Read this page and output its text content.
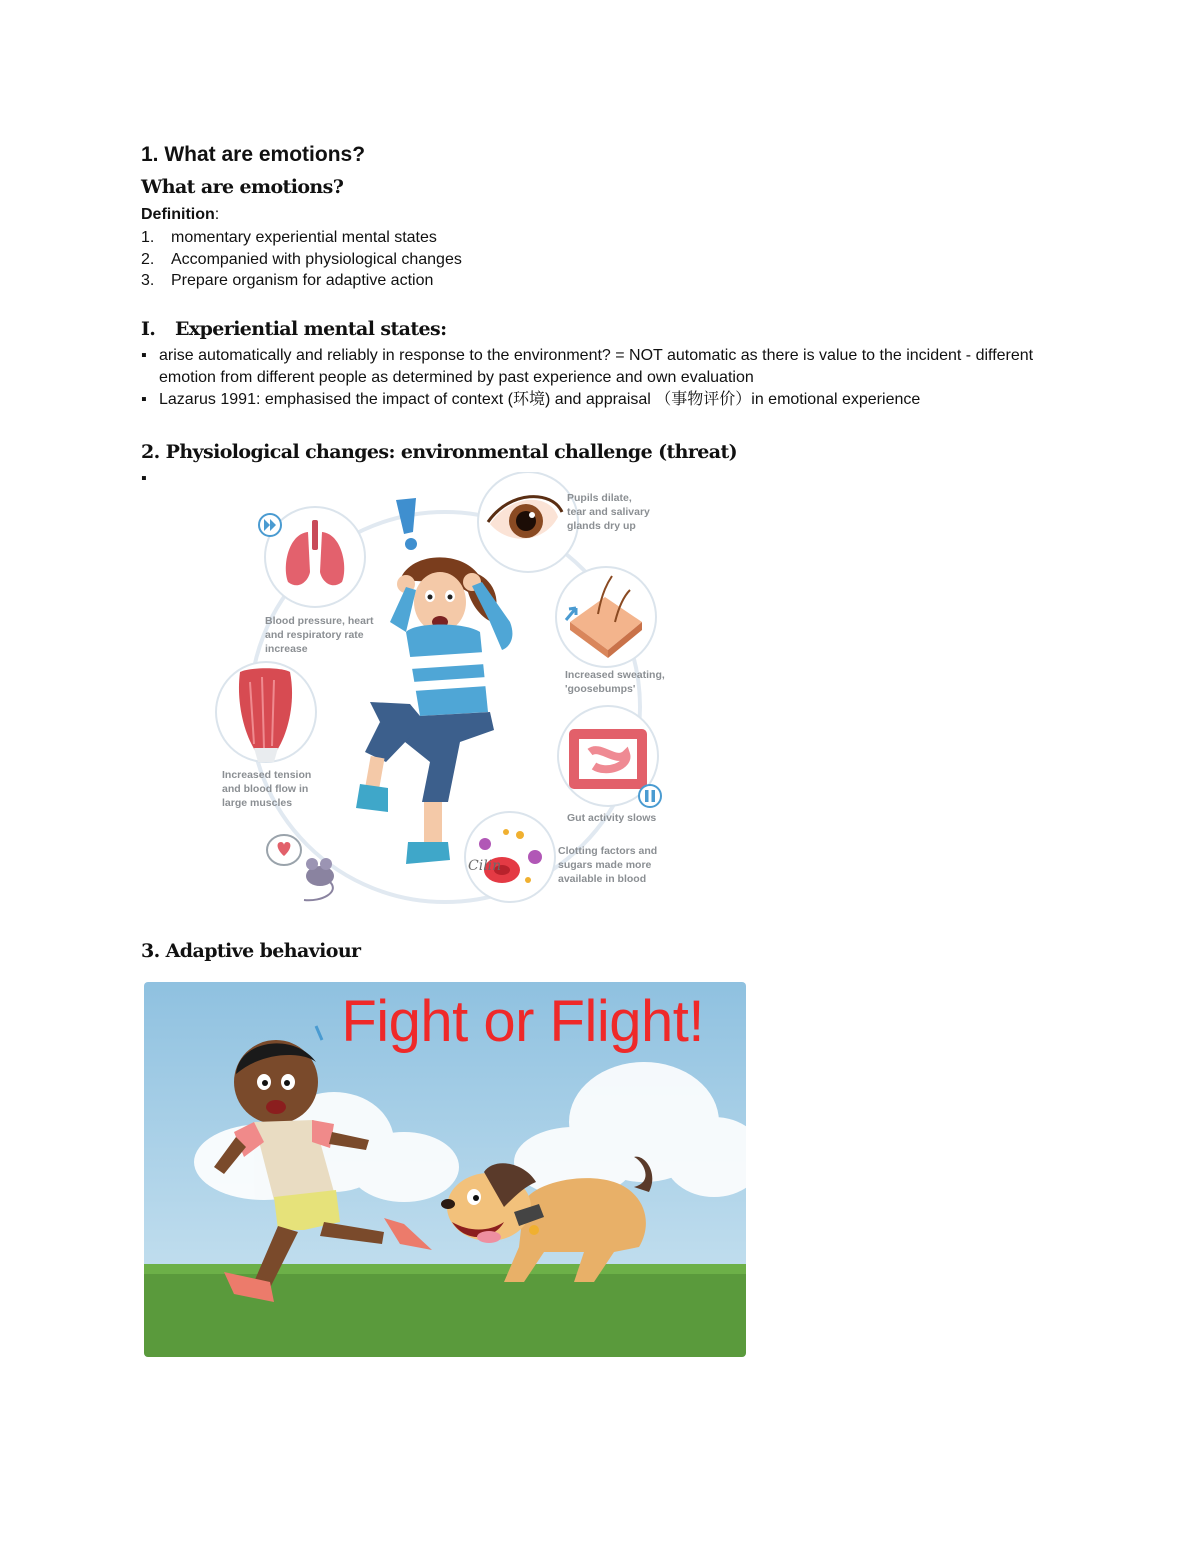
1. What are emotions?
What are emotions?
Definition:
1.	momentary experiential mental states
2.	Accompanied with physiological changes
3.	Prepare organism for adaptive action
I.	Experiential mental states:
▪ arise automatically and reliably in response to the environment? = NOT automatic as there is value to the incident - different emotion from different people as determined by past experience and own evaluation
▪ Lazarus 1991: emphasised the impact of context (环境) and appraisal （事物评价）in emotional experience
2. Physiological changes: environmental challenge (threat)
▪
Blood pressure, heart
and respiratory rate
increase
Pupils dilate,
tear and salivary
glands dry up
Increased sweating,
'goosebumps'
Increased tension
and blood flow in
large muscles
Gut activity slows
Clotting factors and
sugars made more
available in blood
Cilin
3. Adaptive behaviour
Fight or Flight!
